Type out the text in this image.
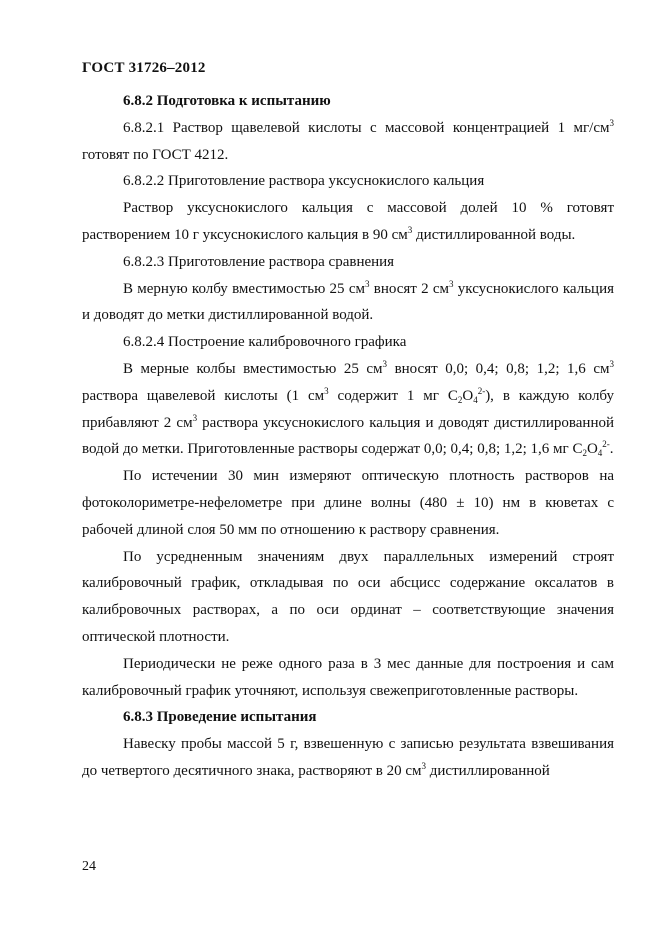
ГОСТ 31726–2012

6.8.2 Подготовка к испытанию

6.8.2.1 Раствор щавелевой кислоты с массовой концентрацией 1 $мг/см^3$ готовят по ГОСТ 4212.

6.8.2.2 Приготовление раствора уксуснокислого кальция

Раствор уксуснокислого кальция с массовой долей 10 % готовят растворением 10 г уксуснокислого кальция в 90 $см^3$ дистиллированной воды.

6.8.2.3 Приготовление раствора сравнения

В мерную колбу вместимостью 25 $см^3$ вносят 2 $см^3$ уксуснокислого кальция и доводят до метки дистиллированной водой.

6.8.2.4 Построение калибровочного графика

В мерные колбы вместимостью 25 $см^3$ вносят 0,0; 0,4; 0,8; 1,2; 1,6 $см^3$ раствора щавелевой кислоты (1 $см^3$ содержит 1 мг $C_2O_4^{2-}$), в каждую колбу прибавляют 2 $см^3$ раствора уксуснокислого кальция и доводят дистиллированной водой до метки. Приготовленные растворы содержат 0,0; 0,4; 0,8; 1,2; 1,6 мг $C_2O_4^{2-}$.

По истечении 30 мин измеряют оптическую плотность растворов на фотоколориметре-нефелометре при длине волны (480 ± 10) нм в кюветах с рабочей длиной слоя 50 мм по отношению к раствору сравнения.

По усредненным значениям двух параллельных измерений строят калибровочный график, откладывая по оси абсцисс содержание оксалатов в калибровочных растворах, а по оси ординат – соответствующие значения оптической плотности.

Периодически не реже одного раза в 3 мес данные для построения и сам калибровочный график уточняют, используя свежеприготовленные растворы.

6.8.3 Проведение испытания

Навеску пробы массой 5 г, взвешенную с записью результата взвешивания до четвертого десятичного знака, растворяют в 20 $см^3$ дистиллированной

24
